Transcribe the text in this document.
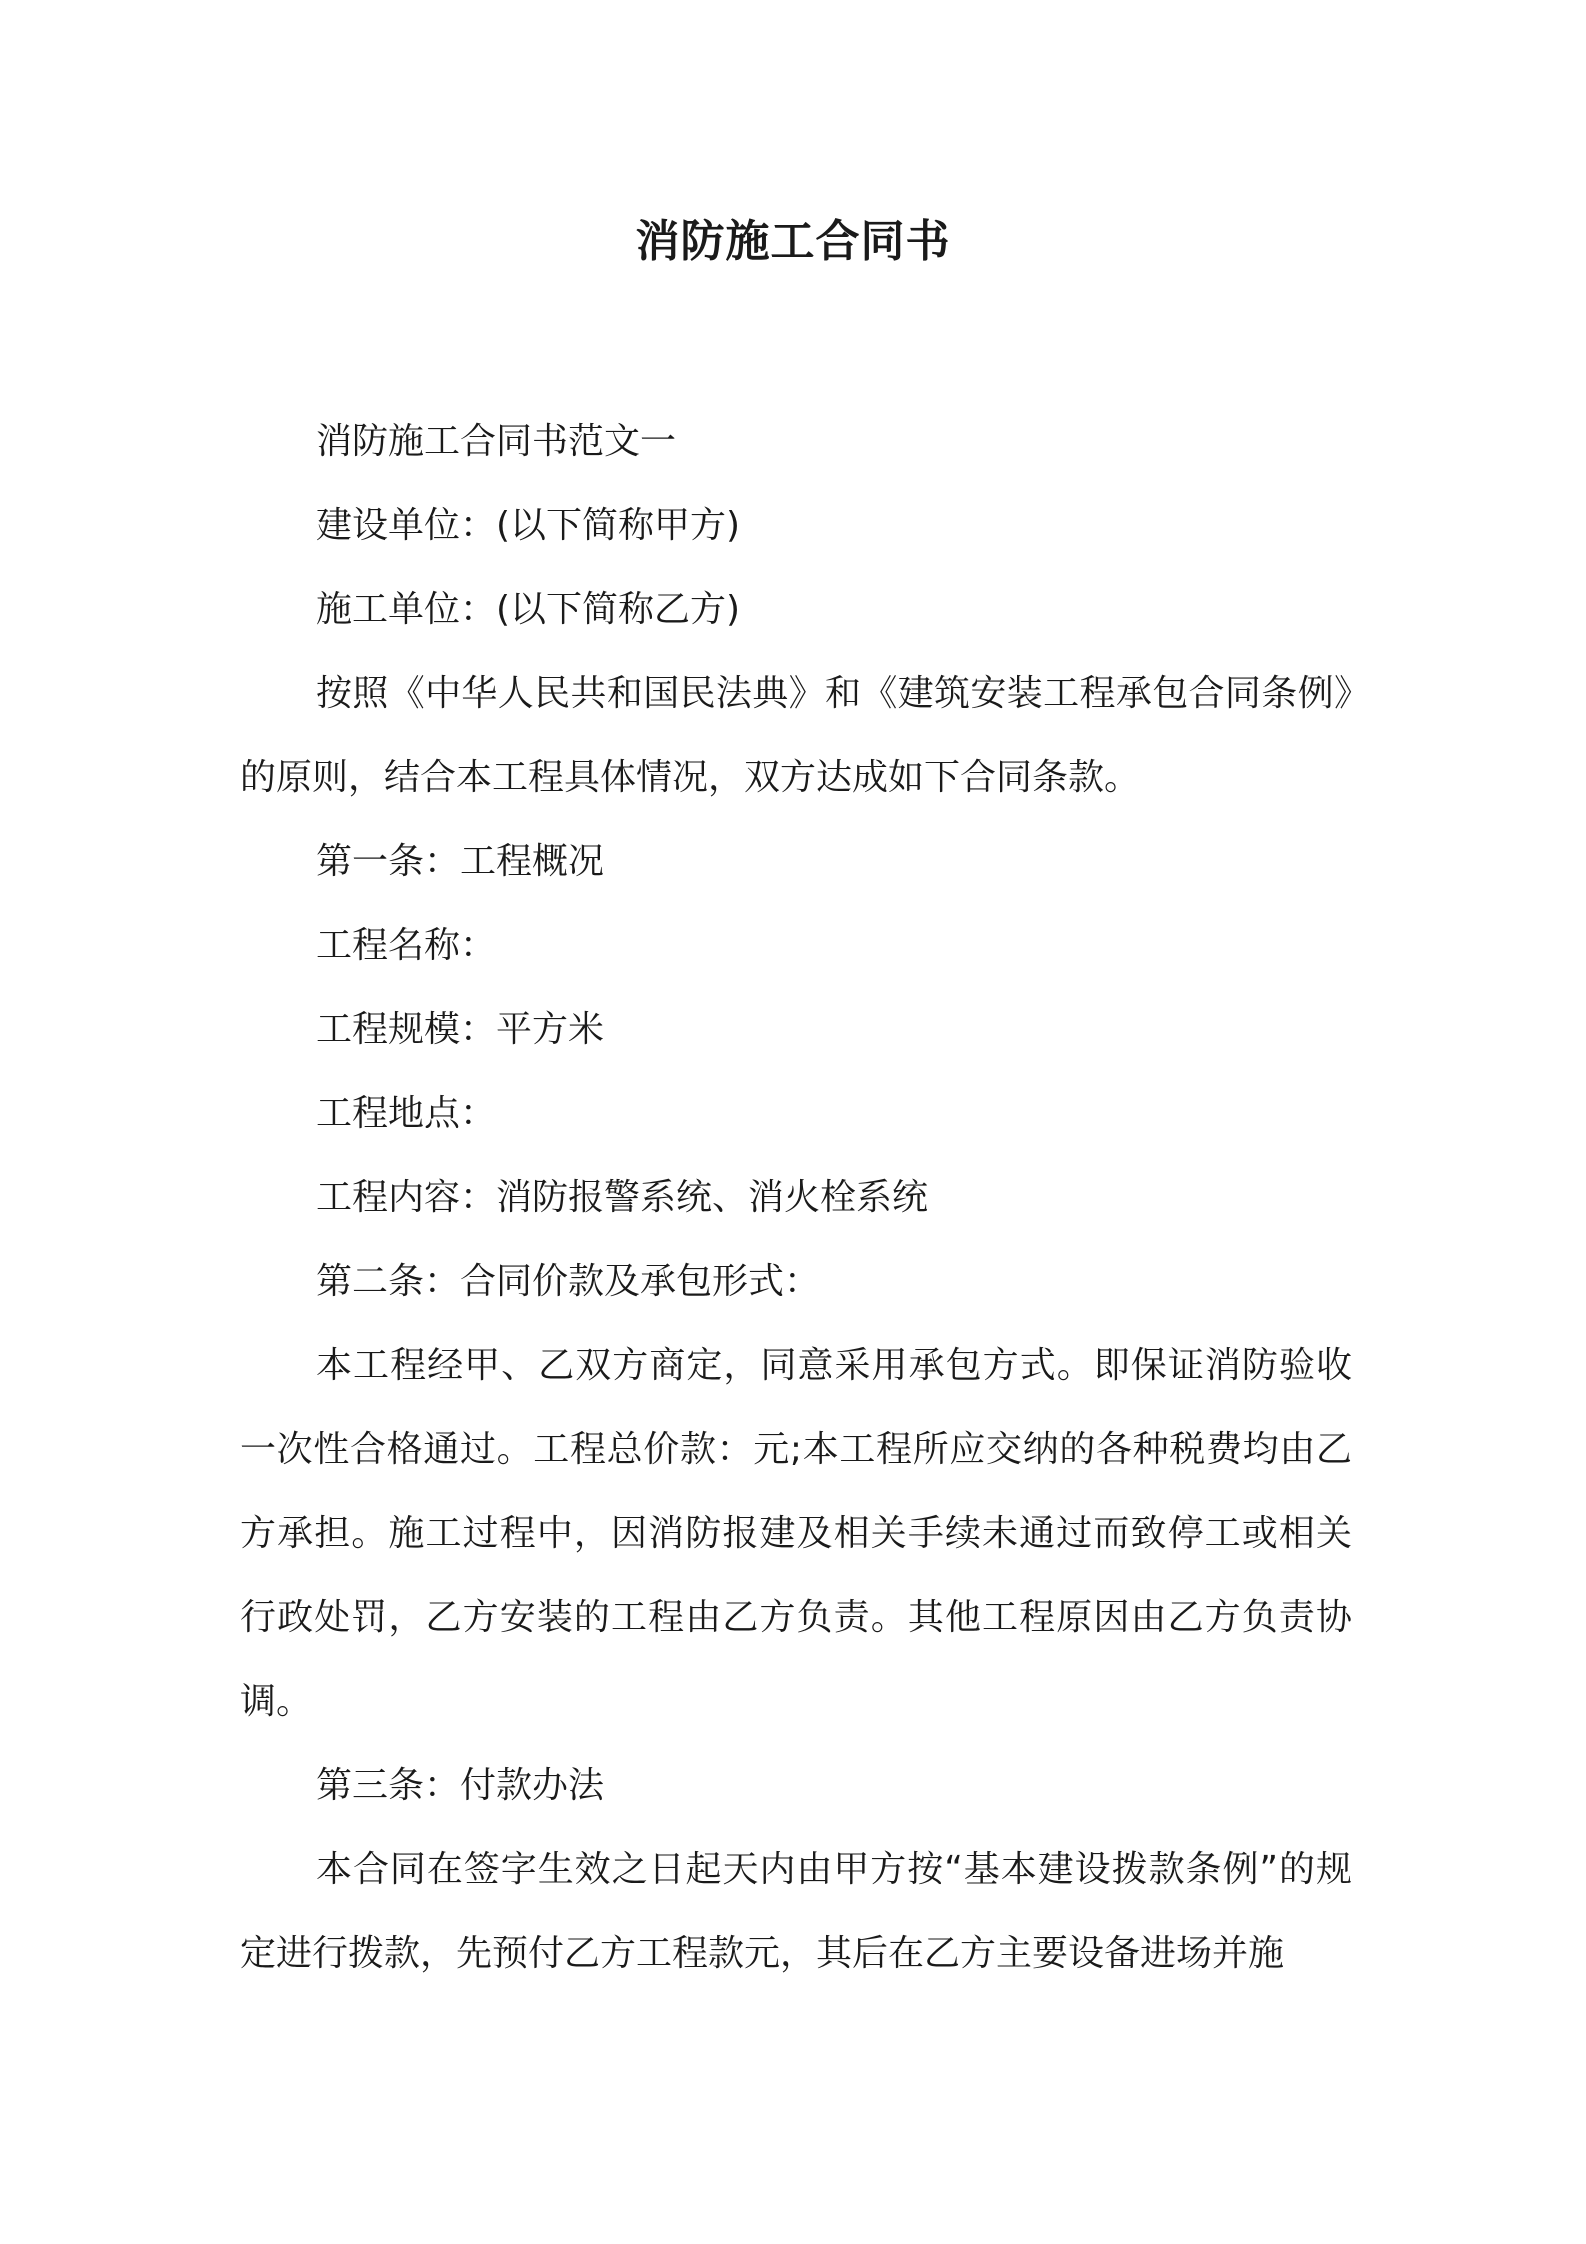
消防施工合同书

消防施工合同书范文一

建设单位：(以下简称甲方)

施工单位：(以下简称乙方)

按照《中华人民共和国民法典》和《建筑安装工程承包合同条例》的原则，结合本工程具体情况，双方达成如下合同条款。

第一条：工程概况

工程名称：

工程规模：平方米

工程地点：

工程内容：消防报警系统、消火栓系统

第二条：合同价款及承包形式：

本工程经甲、乙双方商定，同意采用承包方式。即保证消防验收一次性合格通过。工程总价款：元;本工程所应交纳的各种税费均由乙方承担。施工过程中，因消防报建及相关手续未通过而致停工或相关行政处罚，乙方安装的工程由乙方负责。其他工程原因由乙方负责协调。

第三条：付款办法

本合同在签字生效之日起天内由甲方按“基本建设拨款条例”的规定进行拨款，先预付乙方工程款元，其后在乙方主要设备进场并施
